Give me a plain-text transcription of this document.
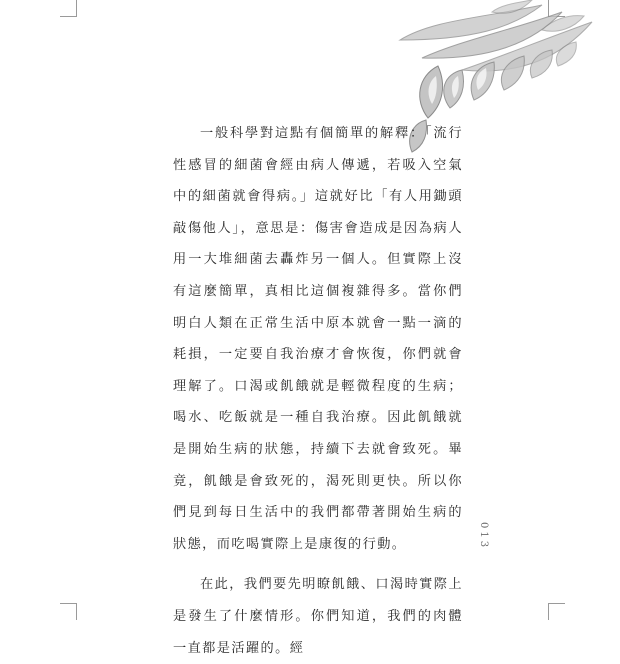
一般科學對這點有個簡單的解釋：「流行性感冒的細菌會經由病人傳遞，若吸入空氣中的細菌就會得病。」這就好比「有人用鋤頭敲傷他人」，意思是：傷害會造成是因為病人用一大堆細菌去轟炸另一個人。但實際上沒有這麼簡單，真相比這個複雜得多。當你們明白人類在正常生活中原本就會一點一滴的耗損，一定要自我治療才會恢復，你們就會理解了。口渴或飢餓就是輕微程度的生病；喝水、吃飯就是一種自我治療。因此飢餓就是開始生病的狀態，持續下去就會致死。畢竟，飢餓是會致死的，渴死則更快。所以你們見到每日生活中的我們都帶著開始生病的狀態，而吃喝實際上是康復的行動。

在此，我們要先明瞭飢餓、口渴時實際上是發生了什麼情形。你們知道，我們的肉體一直都是活躍的。經

013
